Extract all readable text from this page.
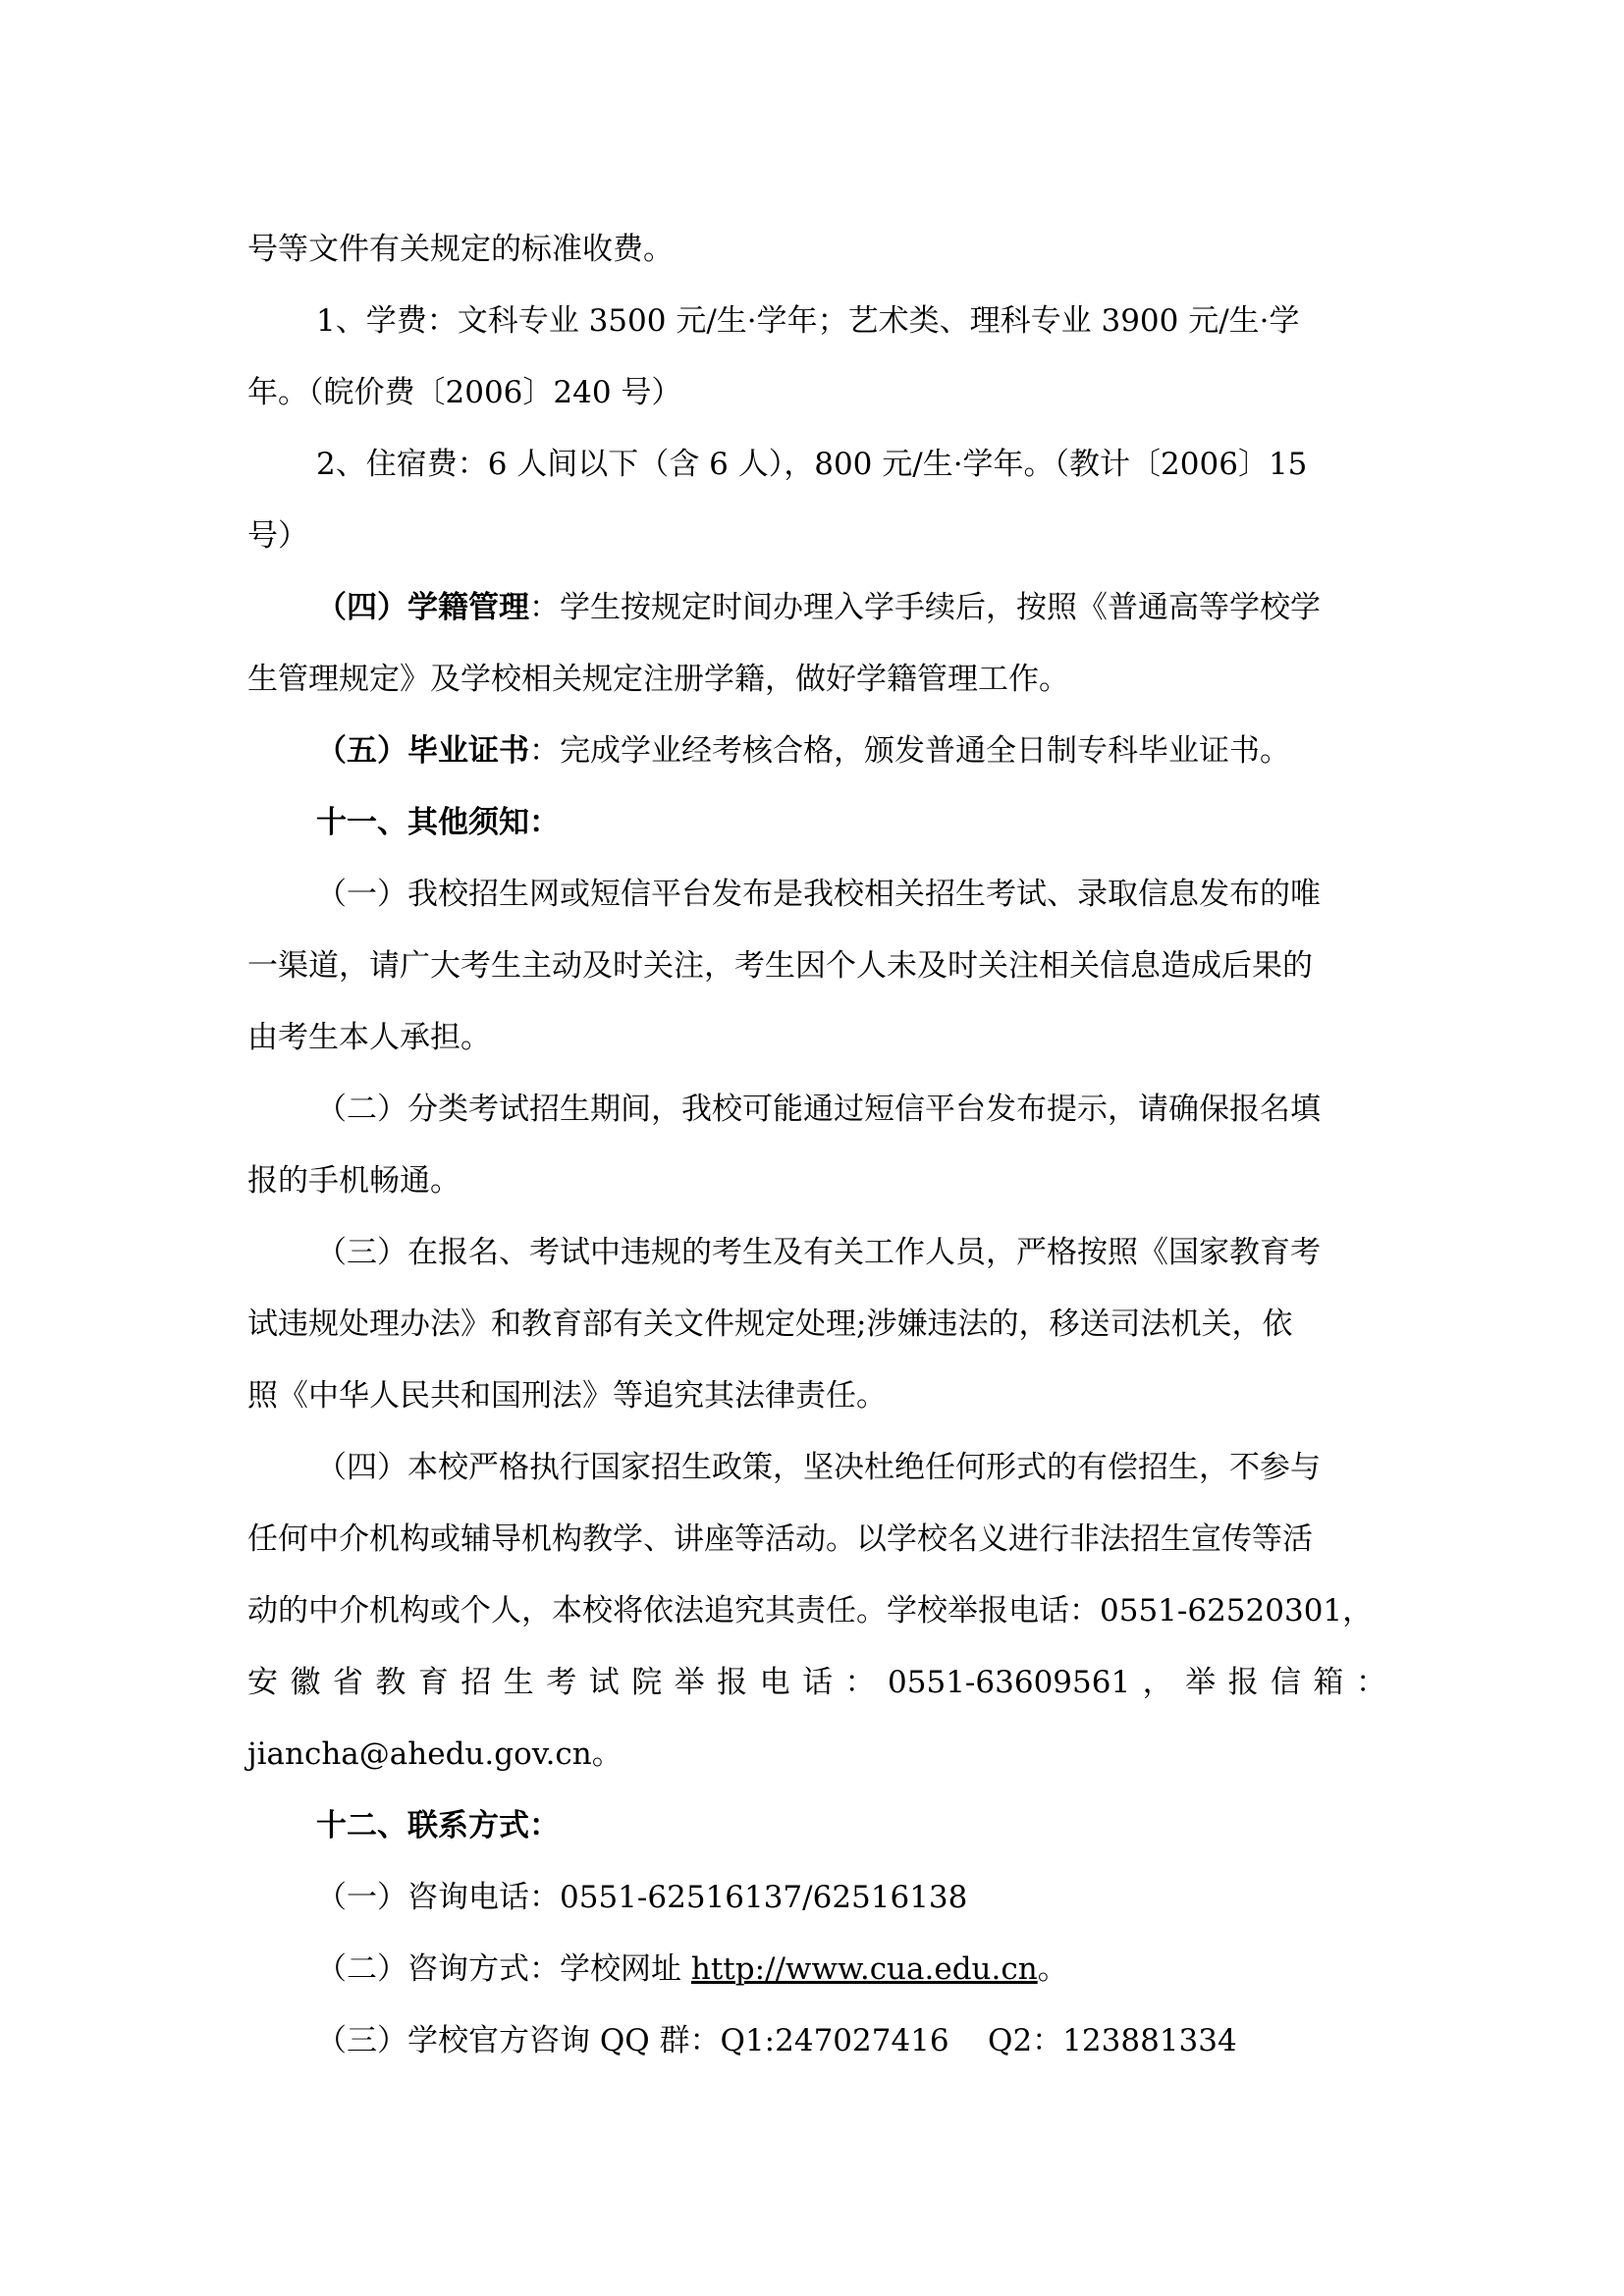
号等文件有关规定的标准收费。
1、学费：文科专业 3500 元/生·学年；艺术类、理科专业 3900 元/生·学
年。（皖价费〔2006〕240 号）
2、住宿费：6 人间以下（含 6 人），800 元/生·学年。（教计〔2006〕15
号）
（四）学籍管理：学生按规定时间办理入学手续后，按照《普通高等学校学
生管理规定》及学校相关规定注册学籍，做好学籍管理工作。
（五）毕业证书：完成学业经考核合格，颁发普通全日制专科毕业证书。
十一、其他须知：
（一）我校招生网或短信平台发布是我校相关招生考试、录取信息发布的唯
一渠道，请广大考生主动及时关注，考生因个人未及时关注相关信息造成后果的
由考生本人承担。
（二）分类考试招生期间，我校可能通过短信平台发布提示，请确保报名填
报的手机畅通。
（三）在报名、考试中违规的考生及有关工作人员，严格按照《国家教育考
试违规处理办法》和教育部有关文件规定处理;涉嫌违法的，移送司法机关，依
照《中华人民共和国刑法》等追究其法律责任。
（四）本校严格执行国家招生政策，坚决杜绝任何形式的有偿招生，不参与
任何中介机构或辅导机构教学、讲座等活动。以学校名义进行非法招生宣传等活
动的中介机构或个人，本校将依法追究其责任。学校举报电话：0551-62520301，
安徽省教育招生考试院举报电话：0551-63609561，举报信箱：
jiancha@ahedu.gov.cn。
十二、联系方式：
（一）咨询电话：0551-62516137/62516138
（二）咨询方式：学校网址 http://www.cua.edu.cn。
（三）学校官方咨询 QQ 群：Q1:247027416    Q2：123881334
